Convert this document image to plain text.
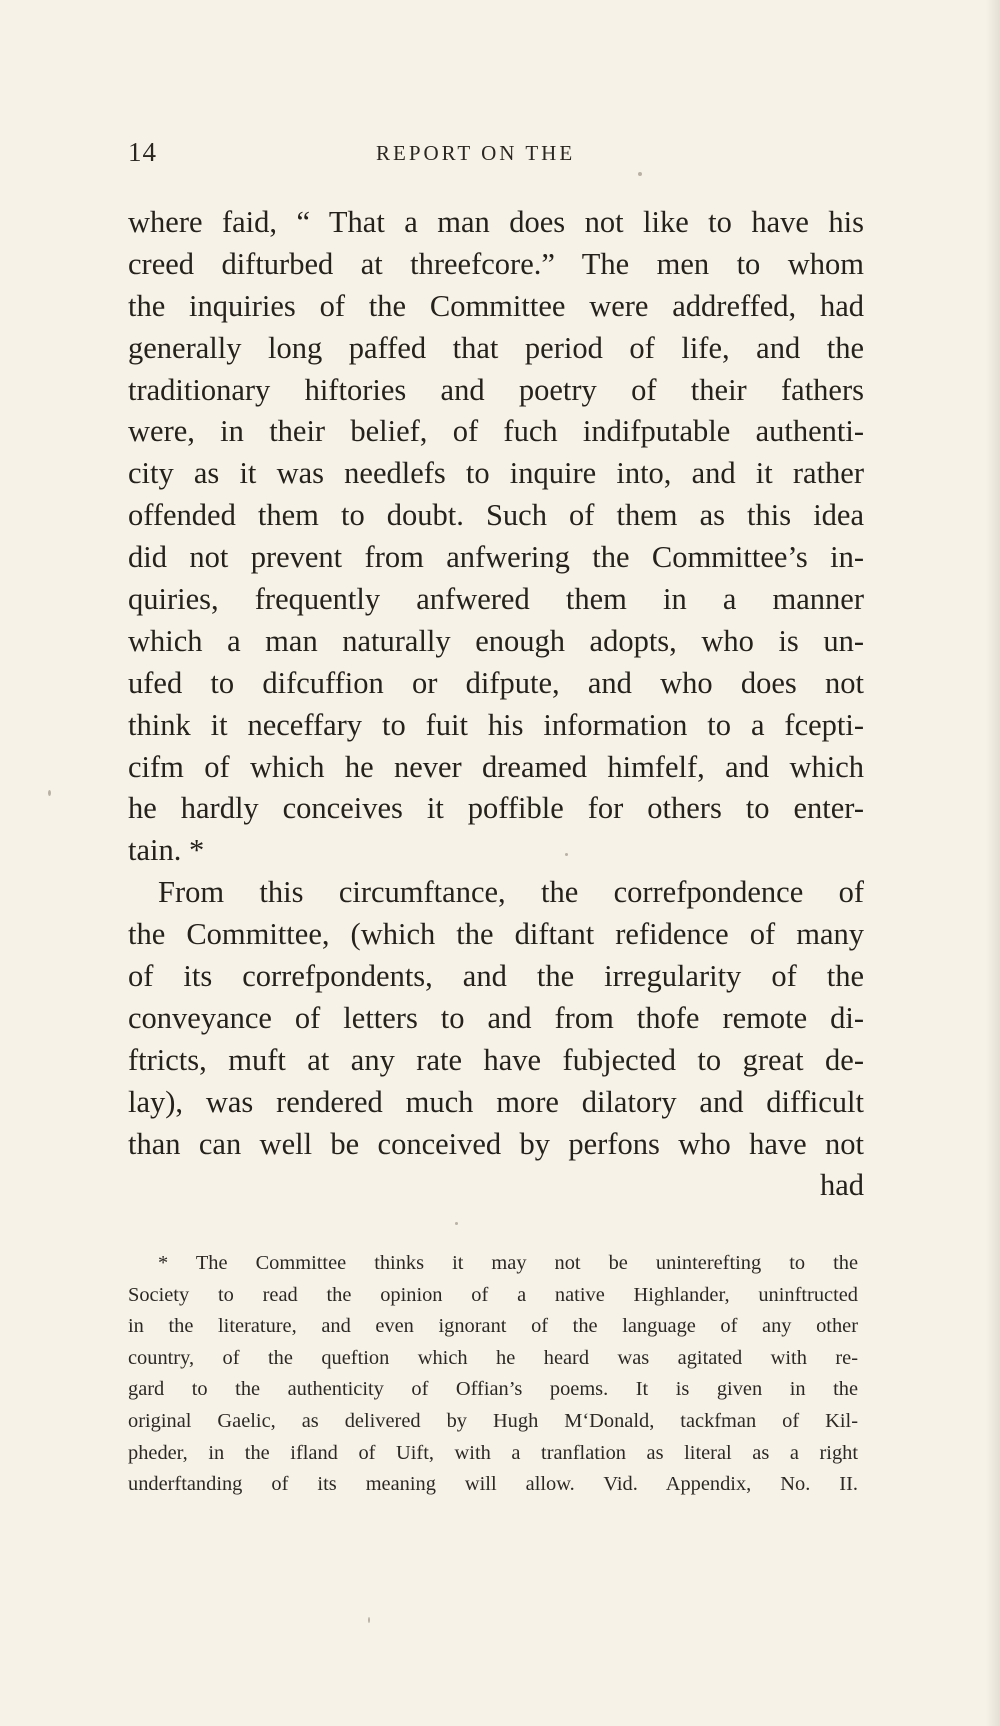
14	REPORT ON THE
where faid, “ That a man does not like to have his
creed difturbed at threefcore.” The men to whom
the inquiries of the Committee were addreffed, had
generally long paffed that period of life, and the
traditionary hiftories and poetry of their fathers
were, in their belief, of fuch indifputable authenti-
city as it was needlefs to inquire into, and it rather
offended them to doubt. Such of them as this idea
did not prevent from anfwering the Committee’s in-
quiries, frequently anfwered them in a manner
which a man naturally enough adopts, who is un-
ufed to difcuffion or difpute, and who does not
think it neceffary to fuit his information to a fcepti-
cifm of which he never dreamed himfelf, and which
he hardly conceives it poffible for others to enter-
tain. *
From this circumftance, the correfpondence of
the Committee, (which the diftant refidence of many
of its correfpondents, and the irregularity of the
conveyance of letters to and from thofe remote di-
ftricts, muft at any rate have fubjected to great de-
lay), was rendered much more dilatory and difficult
than can well be conceived by perfons who have not
had
* The Committee thinks it may not be uninterefting to the
Society to read the opinion of a native Highlander, uninftructed
in the literature, and even ignorant of the language of any other
country, of the queftion which he heard was agitated with re-
gard to the authenticity of Offian’s poems. It is given in the
original Gaelic, as delivered by Hugh M‘Donald, tackfman of Kil-
pheder, in the ifland of Uift, with a tranflation as literal as a right
underftanding of its meaning will allow. Vid. Appendix, No. II.
